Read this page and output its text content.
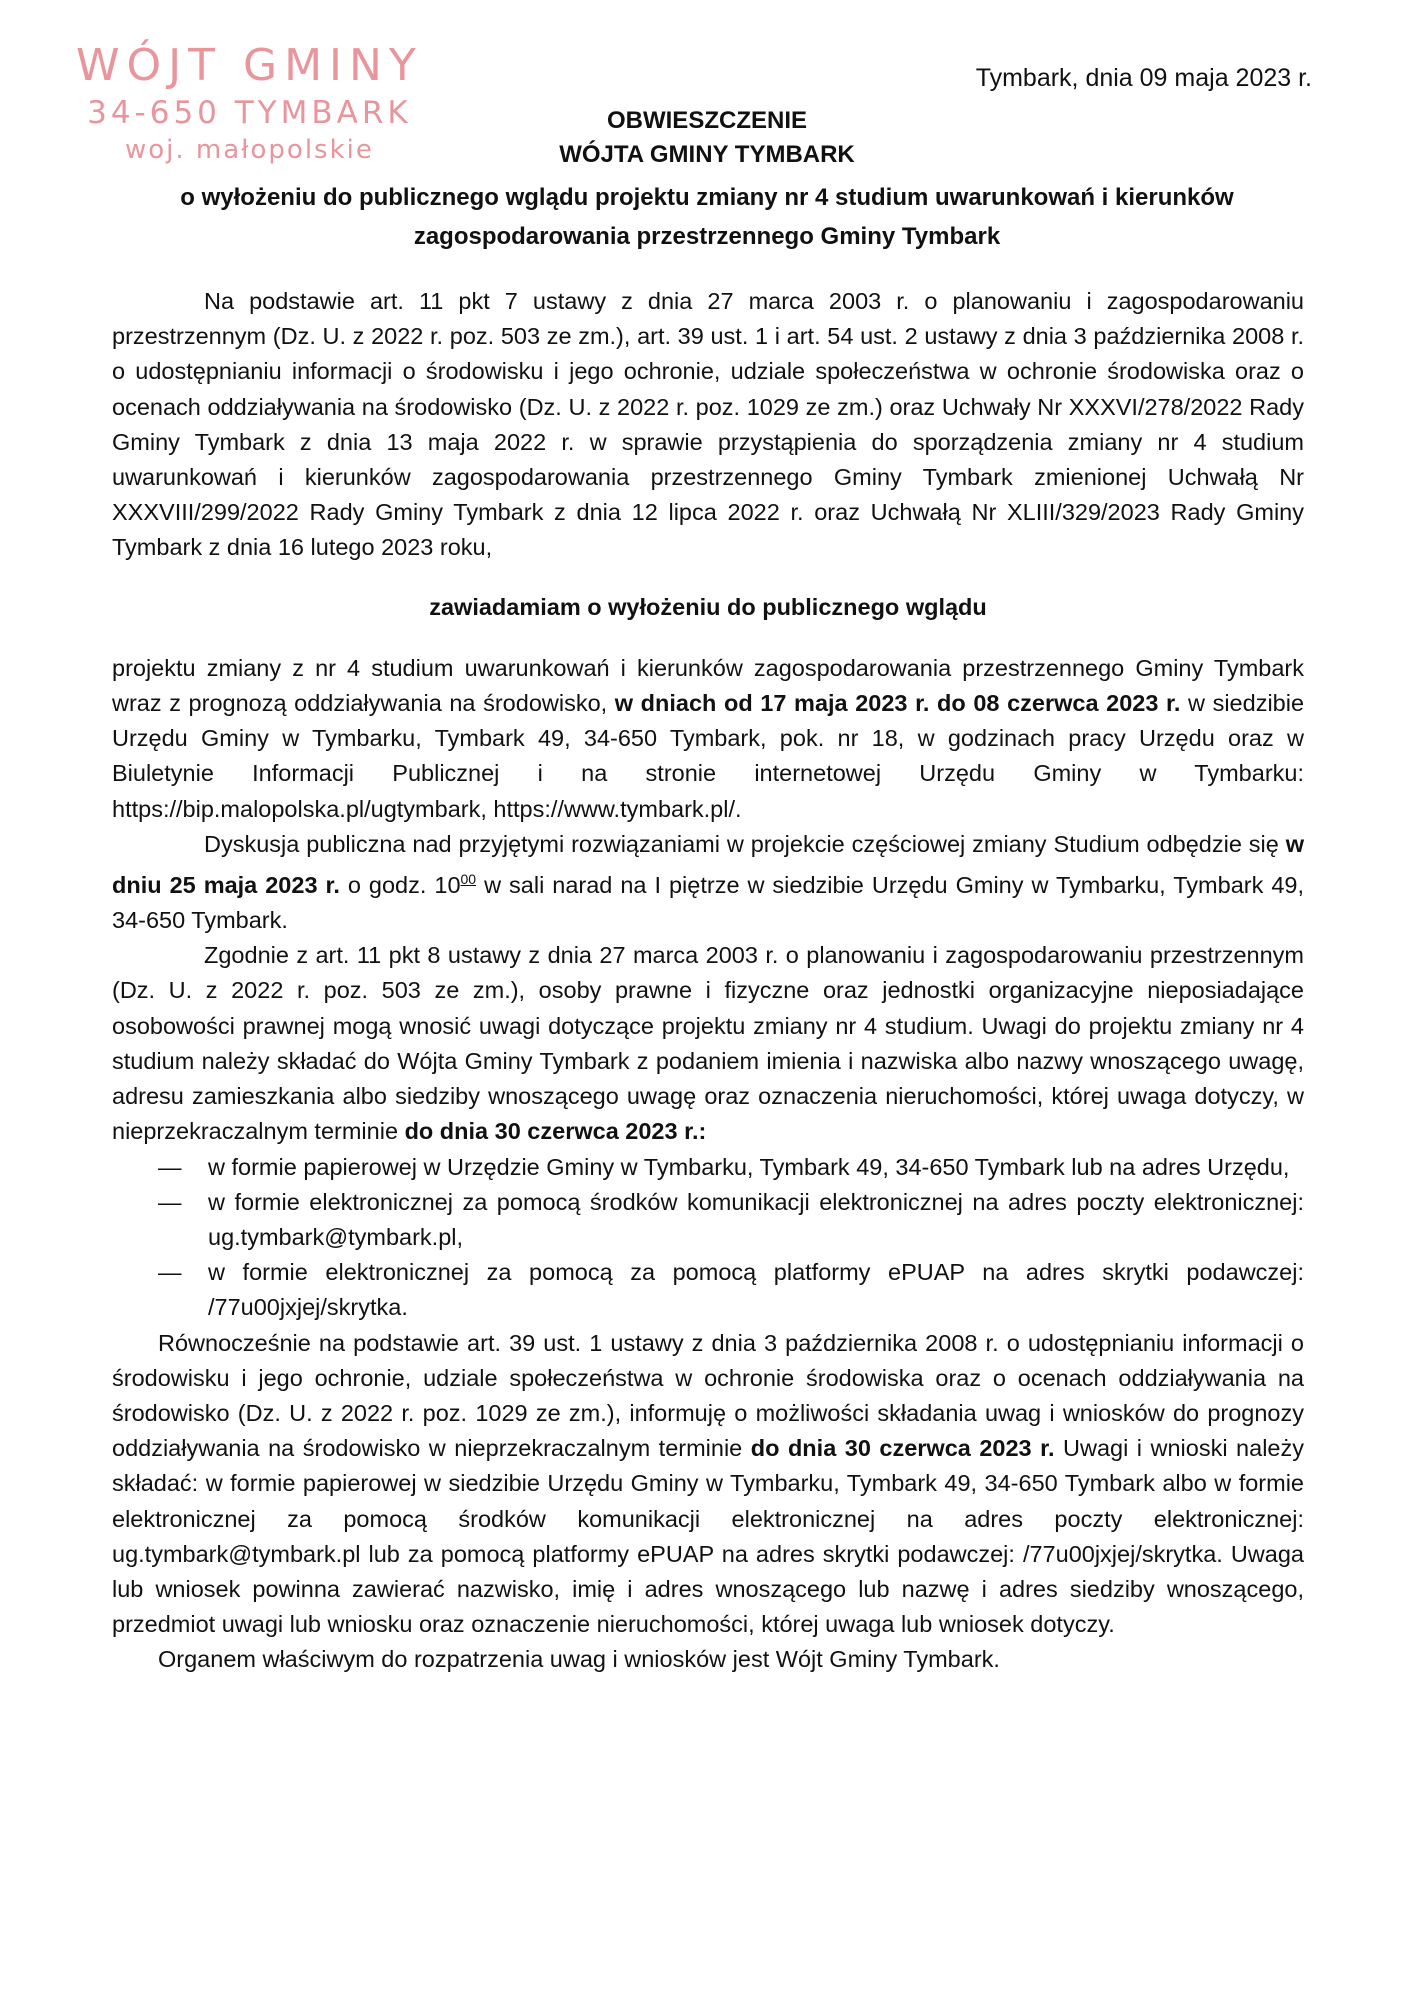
WÓJT GMINY
34-650 TYMBARK
woj. małopolskie
Tymbark, dnia 09 maja 2023 r.
OBWIESZCZENIE
WÓJTA GMINY TYMBARK
o wyłożeniu do publicznego wglądu projektu zmiany nr 4 studium uwarunkowań i kierunków
zagospodarowania przestrzennego Gminy Tymbark

Na podstawie art. 11 pkt 7 ustawy z dnia 27 marca 2003 r. o planowaniu i zagospodarowaniu przestrzennym (Dz. U. z 2022 r. poz. 503 ze zm.), art. 39 ust. 1 i art. 54 ust. 2 ustawy z dnia 3 października 2008 r. o udostępnianiu informacji o środowisku i jego ochronie, udziale społeczeństwa w ochronie środowiska oraz o ocenach oddziaływania na środowisko (Dz. U. z 2022 r. poz. 1029 ze zm.) oraz Uchwały Nr XXXVI/278/2022 Rady Gminy Tymbark z dnia 13 maja 2022 r. w sprawie przystąpienia do sporządzenia zmiany nr 4 studium uwarunkowań i kierunków zagospodarowania przestrzennego Gminy Tymbark zmienionej Uchwałą Nr XXXVIII/299/2022 Rady Gminy Tymbark z dnia 12 lipca 2022 r. oraz Uchwałą Nr XLIII/329/2023 Rady Gminy Tymbark z dnia 16 lutego 2023 roku,

zawiadamiam o wyłożeniu do publicznego wglądu

projektu zmiany z nr 4 studium uwarunkowań i kierunków zagospodarowania przestrzennego Gminy Tymbark wraz z prognozą oddziaływania na środowisko, w dniach od 17 maja 2023 r. do 08 czerwca 2023 r. w siedzibie Urzędu Gminy w Tymbarku, Tymbark 49, 34-650 Tymbark, pok. nr 18, w godzinach pracy Urzędu oraz w Biuletynie Informacji Publicznej i na stronie internetowej Urzędu Gminy w Tymbarku: https://bip.malopolska.pl/ugtymbark, https://www.tymbark.pl/.

Dyskusja publiczna nad przyjętymi rozwiązaniami w projekcie częściowej zmiany Studium odbędzie się w dniu 25 maja 2023 r. o godz. $10^{00}$ w sali narad na I piętrze w siedzibie Urzędu Gminy w Tymbarku, Tymbark 49, 34-650 Tymbark.

Zgodnie z art. 11 pkt 8 ustawy z dnia 27 marca 2003 r. o planowaniu i zagospodarowaniu przestrzennym (Dz. U. z 2022 r. poz. 503 ze zm.), osoby prawne i fizyczne oraz jednostki organizacyjne nieposiadające osobowości prawnej mogą wnosić uwagi dotyczące projektu zmiany nr 4 studium. Uwagi do projektu zmiany nr 4 studium należy składać do Wójta Gminy Tymbark z podaniem imienia i nazwiska albo nazwy wnoszącego uwagę, adresu zamieszkania albo siedziby wnoszącego uwagę oraz oznaczenia nieruchomości, której uwaga dotyczy, w nieprzekraczalnym terminie do dnia 30 czerwca 2023 r.:

— w formie papierowej w Urzędzie Gminy w Tymbarku, Tymbark 49, 34-650 Tymbark lub na adres Urzędu,
— w formie elektronicznej za pomocą środków komunikacji elektronicznej na adres poczty elektronicznej: ug.tymbark@tymbark.pl,
— w formie elektronicznej za pomocą za pomocą platformy ePUAP na adres skrytki podawczej: /77u00jxjej/skrytka.

Równocześnie na podstawie art. 39 ust. 1 ustawy z dnia 3 października 2008 r. o udostępnianiu informacji o środowisku i jego ochronie, udziale społeczeństwa w ochronie środowiska oraz o ocenach oddziaływania na środowisko (Dz. U. z 2022 r. poz. 1029 ze zm.), informuję o możliwości składania uwag i wniosków do prognozy oddziaływania na środowisko w nieprzekraczalnym terminie do dnia 30 czerwca 2023 r. Uwagi i wnioski należy składać: w formie papierowej w siedzibie Urzędu Gminy w Tymbarku, Tymbark 49, 34-650 Tymbark albo w formie elektronicznej za pomocą środków komunikacji elektronicznej na adres poczty elektronicznej: ug.tymbark@tymbark.pl lub za pomocą platformy ePUAP na adres skrytki podawczej: /77u00jxjej/skrytka. Uwaga lub wniosek powinna zawierać nazwisko, imię i adres wnoszącego lub nazwę i adres siedziby wnoszącego, przedmiot uwagi lub wniosku oraz oznaczenie nieruchomości, której uwaga lub wniosek dotyczy.

Organem właściwym do rozpatrzenia uwag i wniosków jest Wójt Gminy Tymbark.
